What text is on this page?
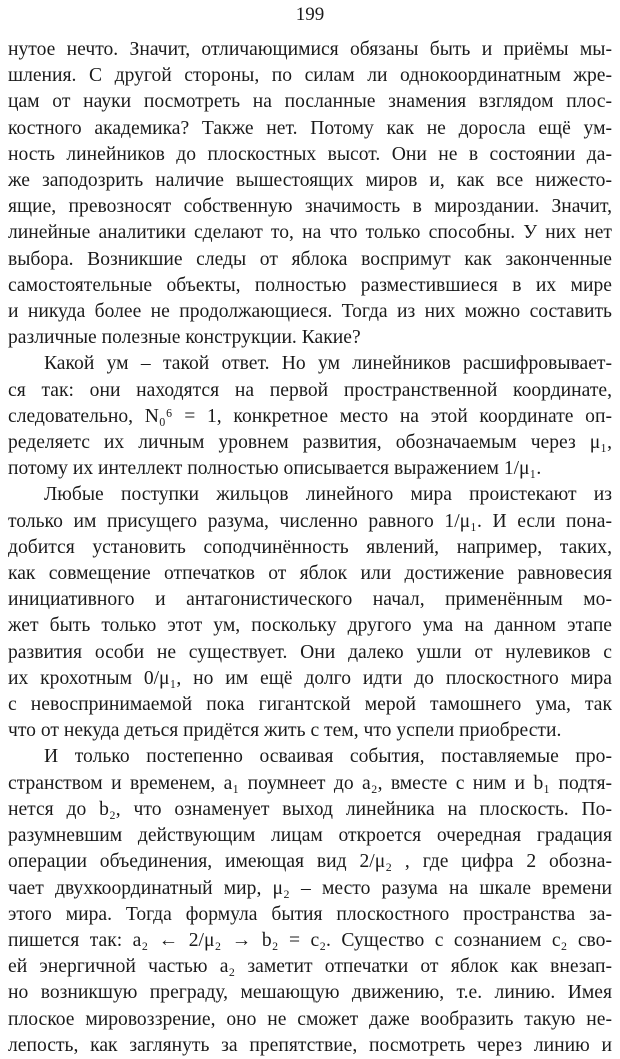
199
нутое нечто. Значит, отличающимися обязаны быть и приёмы мы-
шления. С другой стороны, по силам ли однокоординатным жре-
цам от науки посмотреть на посланные знамения взглядом плос-
костного академика? Также нет. Потому как не доросла ещё ум-
ность линейников до плоскостных высот. Они не в состоянии да-
же заподозрить наличие вышестоящих миров и, как все нижесто-
ящие, превозносят собственную значимость в мироздании. Значит,
линейные аналитики сделают то, на что только способны. У них нет
выбора. Возникшие следы от яблока воспримут как законченные
самостоятельные объекты, полностью разместившиеся в их мире
и никуда более не продолжающиеся. Тогда из них можно составить
различные полезные конструкции. Какие?
Какой ум – такой ответ. Но ум линейников расшифровывает-
ся так: они находятся на первой пространственной координате,
следовательно, N₀⁶ = 1, конкретное место на этой координате оп-
ределяетс их личным уровнем развития, обозначаемым через μ₁,
потому их интеллект полностью описывается выражением 1/μ₁.
Любые поступки жильцов линейного мира проистекают из
только им присущего разума, численно равного 1/μ₁. И если пона-
добится установить соподчинённость явлений, например, таких,
как совмещение отпечатков от яблок или достижение равновесия
инициативного и антагонистического начал, применённым мо-
жет быть только этот ум, поскольку другого ума на данном этапе
развития особи не существует. Они далеко ушли от нулевиков с
их крохотным 0/μ₁, но им ещё долго идти до плоскостного мира
с невоспринимаемой пока гигантской мерой тамошнего ума, так
что от некуда деться придётся жить с тем, что успели приобрести.
И только постепенно осваивая события, поставляемые про-
странством и временем, a₁ поумнеет до a₂, вместе с ним и b₁ подтя-
нется до b₂, что ознаменует выход линейника на плоскость. По-
разумневшим действующим лицам откроется очередная градация
операции объединения, имеющая вид 2/μ₂ , где цифра 2 обозна-
чает двухкоординатный мир, μ₂ – место разума на шкале времени
этого мира. Тогда формула бытия плоскостного пространства за-
пишется так: a₂ ← 2/μ₂ → b₂ = c₂. Существо с сознанием c₂ сво-
ей энергичной частью a₂ заметит отпечатки от яблок как внезап-
но возникшую преграду, мешающую движению, т.е. линию. Имея
плоское мировоззрение, оно не сможет даже вообразить такую не-
лепость, как заглянуть за препятствие, посмотреть через линию и
